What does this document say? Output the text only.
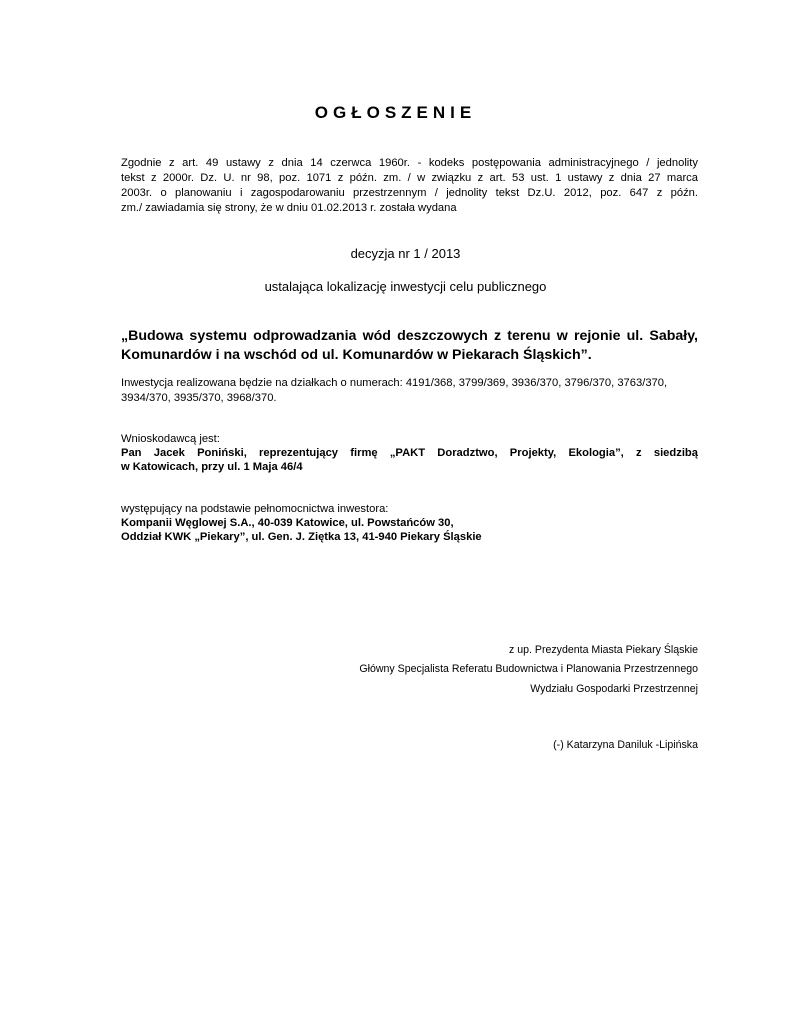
OGŁOSZENIE
Zgodnie z art. 49 ustawy z dnia 14 czerwca 1960r. - kodeks postępowania administracyjnego / jednolity
tekst z 2000r. Dz. U. nr 98, poz. 1071 z późn. zm. / w związku z art. 53 ust. 1 ustawy z dnia 27 marca
2003r. o planowaniu i zagospodarowaniu przestrzennym / jednolity tekst Dz.U. 2012, poz. 647 z późn.
zm./ zawiadamia się strony, że w dniu 01.02.2013 r. została wydana
decyzja nr 1 / 2013
ustalająca lokalizację inwestycji celu publicznego
„Budowa systemu odprowadzania wód deszczowych z terenu w rejonie ul. Sabały,
Komunardów i na wschód od ul. Komunardów w Piekarach Śląskich”.
Inwestycja realizowana będzie na działkach o numerach: 4191/368, 3799/369, 3936/370, 3796/370, 3763/370,
3934/370, 3935/370, 3968/370.
Wnioskodawcą jest:
Pan Jacek Poniński, reprezentujący firmę „PAKT Doradztwo, Projekty, Ekologia”, z siedzibą
w Katowicach, przy ul. 1 Maja 46/4
występujący na podstawie pełnomocnictwa inwestora:
Kompanii Węglowej S.A., 40-039 Katowice, ul. Powstańców 30,
Oddział KWK „Piekary”, ul. Gen. J. Ziętka 13, 41-940 Piekary Śląskie
z up. Prezydenta Miasta Piekary Śląskie
Główny Specjalista Referatu Budownictwa i Planowania Przestrzennego
Wydziału Gospodarki Przestrzennej
(-) Katarzyna Daniluk -Lipińska
